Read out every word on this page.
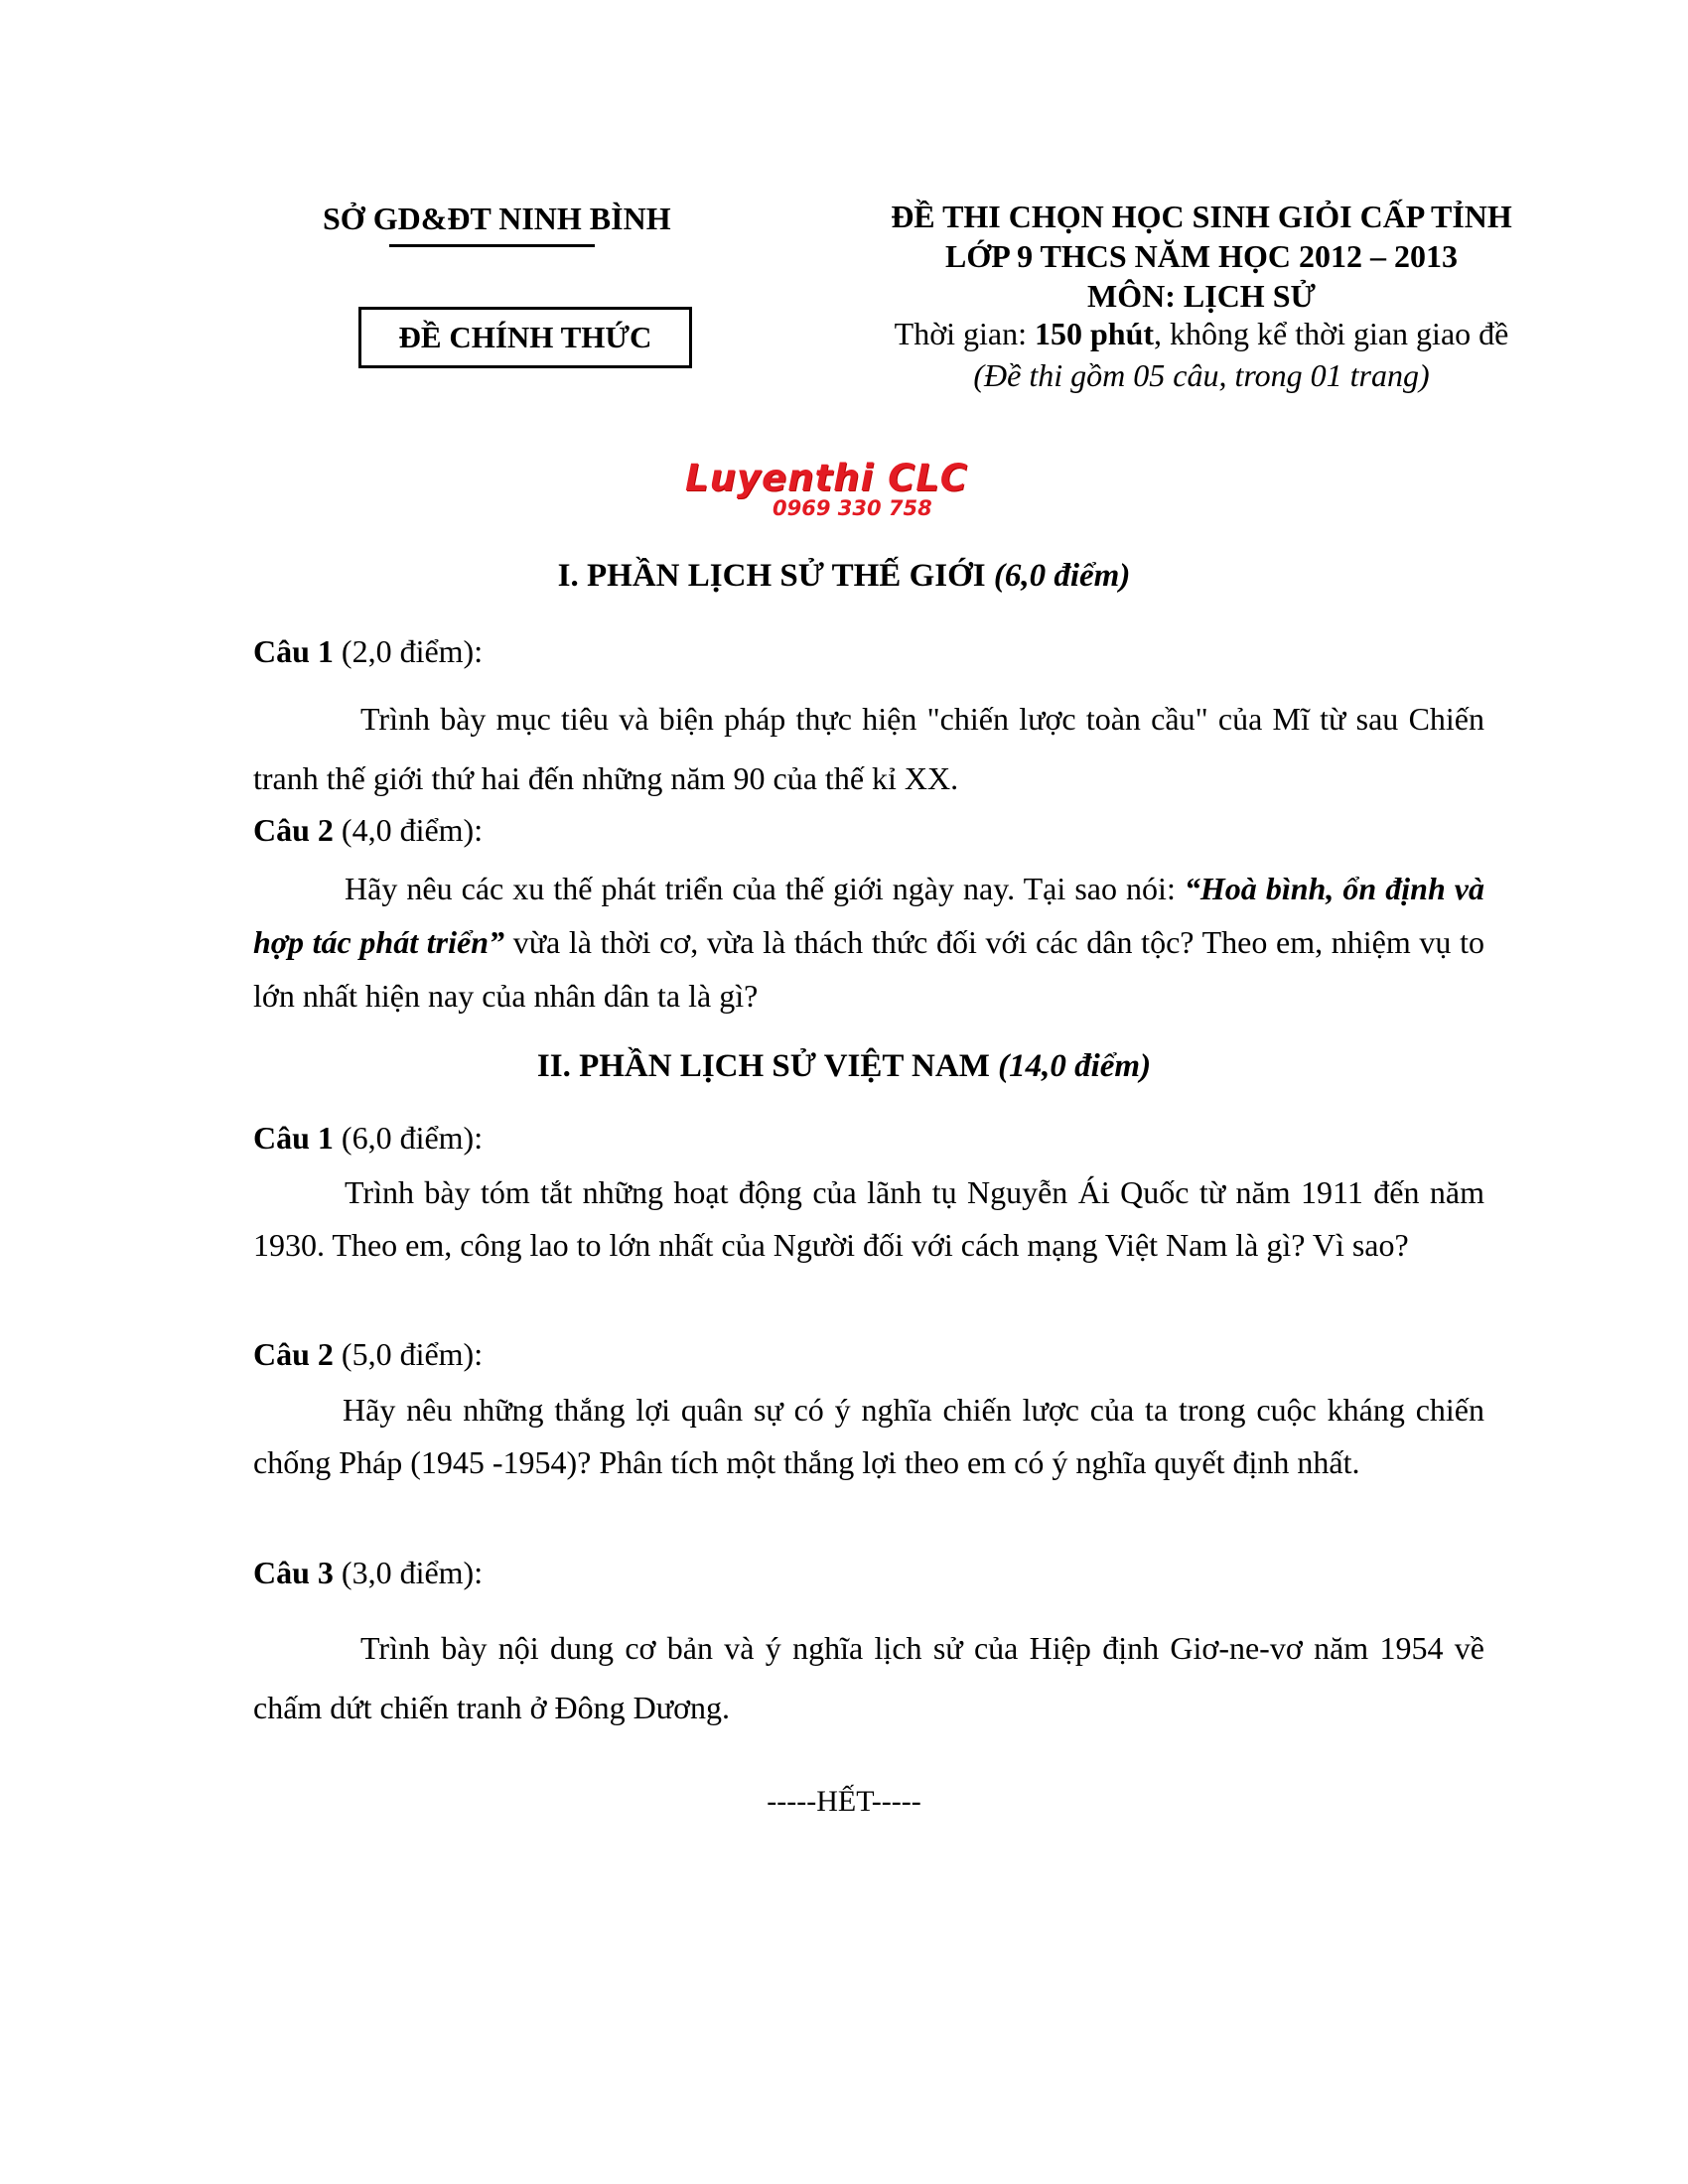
SỞ GD&ĐT NINH BÌNH
ĐỀ CHÍNH THỨC
ĐỀ THI CHỌN HỌC SINH GIỎI CẤP TỈNH
LỚP 9 THCS NĂM HỌC 2012 – 2013
MÔN: LỊCH SỬ
Thời gian: 150 phút, không kể thời gian giao đề
(Đề thi gồm 05 câu, trong 01 trang)
Luyenthi CLC
0969 330 758
I. PHẦN LỊCH SỬ THẾ GIỚI (6,0 điểm)
Câu 1 (2,0 điểm):
Trình bày mục tiêu và biện pháp thực hiện "chiến lược toàn cầu" của Mĩ từ sau Chiến tranh thế giới thứ hai đến những năm 90 của thế kỉ XX.
Câu 2 (4,0 điểm):
Hãy nêu các xu thế phát triển của thế giới ngày nay. Tại sao nói: “Hoà bình, ổn định và hợp tác phát triển” vừa là thời cơ, vừa là thách thức đối với các dân tộc? Theo em, nhiệm vụ to lớn nhất hiện nay của nhân dân ta là gì?
II. PHẦN LỊCH SỬ VIỆT NAM (14,0 điểm)
Câu 1 (6,0 điểm):
Trình bày tóm tắt những hoạt động của lãnh tụ Nguyễn Ái Quốc từ năm 1911 đến năm 1930. Theo em, công lao to lớn nhất của Người đối với cách mạng Việt Nam là gì? Vì sao?
Câu 2 (5,0 điểm):
Hãy nêu những thắng lợi quân sự có ý nghĩa chiến lược của ta trong cuộc kháng chiến chống Pháp (1945 -1954)? Phân tích một thắng lợi theo em có ý nghĩa quyết định nhất.
Câu 3 (3,0 điểm):
Trình bày nội dung cơ bản và ý nghĩa lịch sử của Hiệp định Giơ-ne-vơ năm 1954 về chấm dứt chiến tranh ở Đông Dương.
-----HẾT-----
